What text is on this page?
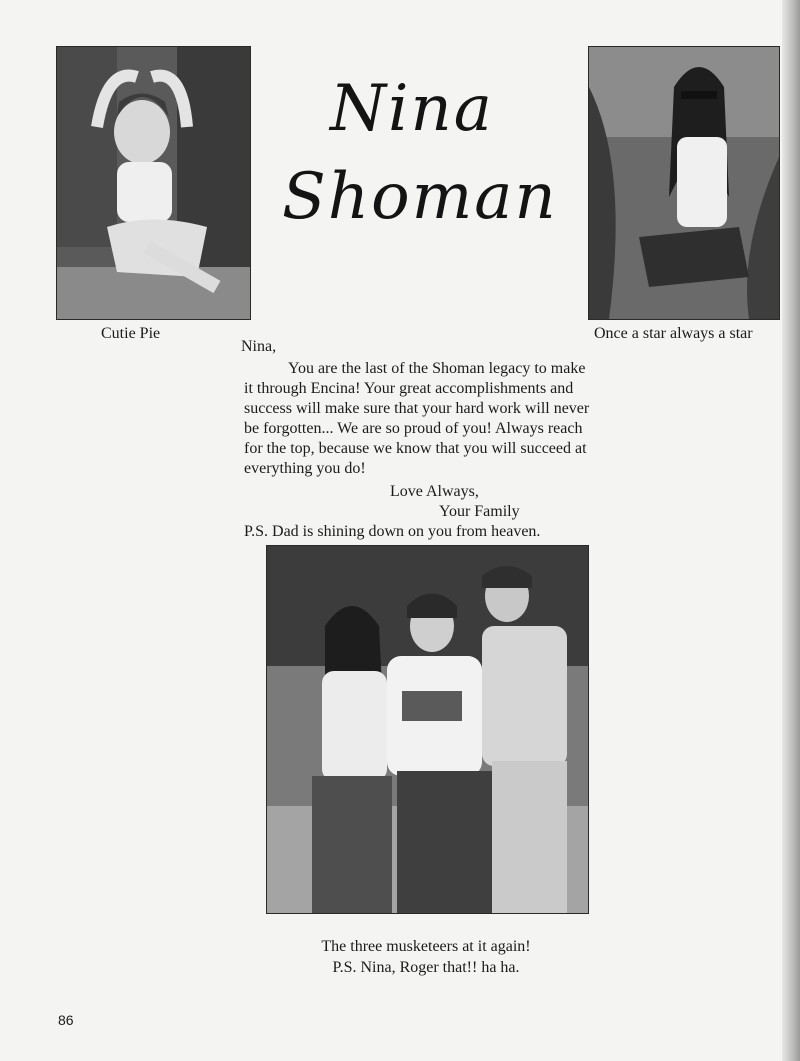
Nina
Shoman

Cutie Pie	Once a star always a star

Nina,

You are the last of the Shoman legacy to make
it through Encina! Your great accomplishments and
success will make sure that your hard work will never
be forgotten... We are so proud of you! Always reach
for the top, because we know that you will succeed at
everything you do!

Love Always,

Your Family

P.S. Dad is shining down on you from heaven.

The three musketeers at it again!

P.S. Nina, Roger that!! ha ha.

86
